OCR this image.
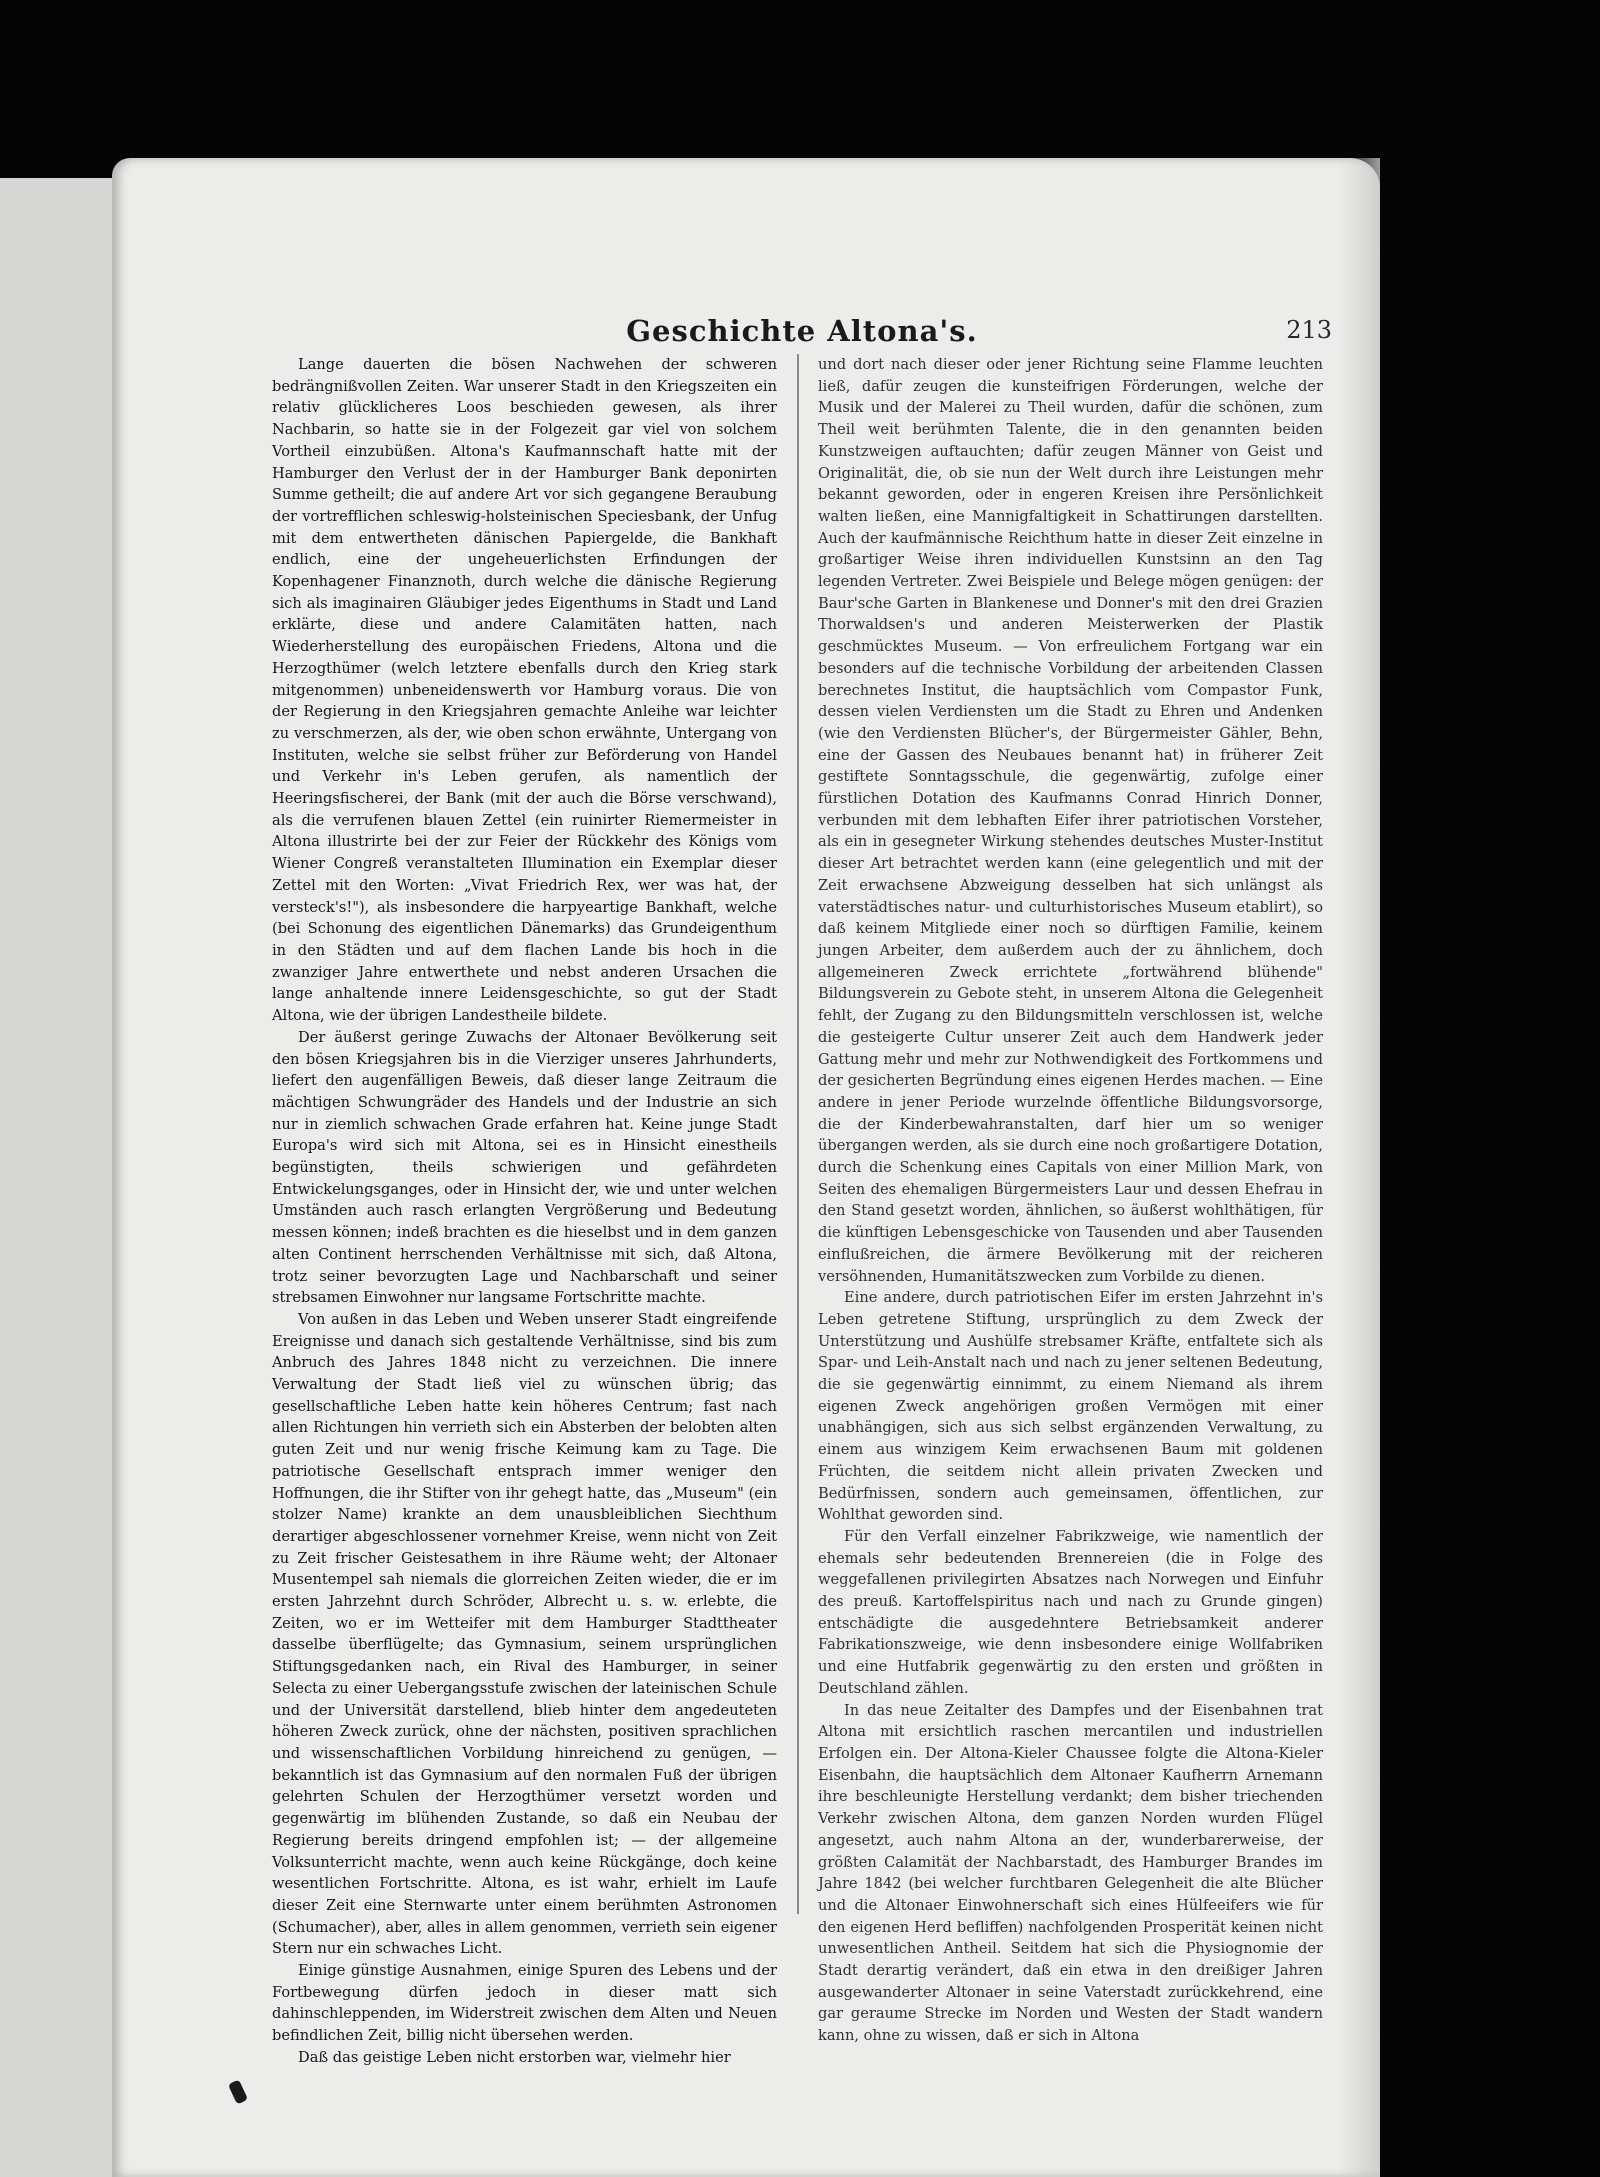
Geschichte Altona's.	213

Lange dauerten die bösen Nachwehen der schweren bedrängnißvollen Zeiten. War unserer Stadt in den Kriegszeiten ein relativ glücklicheres Loos beschieden gewesen, als ihrer Nachbarin, so hatte sie in der Folgezeit gar viel von solchem Vortheil einzubüßen. Altona's Kaufmannschaft hatte mit der Hamburger den Verlust der in der Hamburger Bank deponirten Summe getheilt; die auf andere Art vor sich gegangene Beraubung der vortrefflichen schleswig-holsteinischen Speciesbank, der Unfug mit dem entwertheten dänischen Papiergelde, die Bankhaft endlich, eine der ungeheuerlichsten Erfindungen der Kopenhagener Finanznoth, durch welche die dänische Regierung sich als imaginairen Gläubiger jedes Eigenthums in Stadt und Land erklärte, diese und andere Calamitäten hatten, nach Wiederherstellung des europäischen Friedens, Altona und die Herzogthümer (welch letztere ebenfalls durch den Krieg stark mitgenommen) unbeneidenswerth vor Hamburg voraus. Die von der Regierung in den Kriegsjahren gemachte Anleihe war leichter zu verschmerzen, als der, wie oben schon erwähnte, Untergang von Instituten, welche sie selbst früher zur Beförderung von Handel und Verkehr in's Leben gerufen, als namentlich der Heeringsfischerei, der Bank (mit der auch die Börse verschwand), als die verrufenen blauen Zettel (ein ruinirter Riemermeister in Altona illustrirte bei der zur Feier der Rückkehr des Königs vom Wiener Congreß veranstalteten Illumination ein Exemplar dieser Zettel mit den Worten: „Vivat Friedrich Rex, wer was hat, der versteck's!"), als insbesondere die harpyeartige Bankhaft, welche (bei Schonung des eigentlichen Dänemarks) das Grundeigenthum in den Städten und auf dem flachen Lande bis hoch in die zwanziger Jahre entwerthete und nebst anderen Ursachen die lange anhaltende innere Leidensgeschichte, so gut der Stadt Altona, wie der übrigen Landestheile bildete.

Der äußerst geringe Zuwachs der Altonaer Bevölkerung seit den bösen Kriegsjahren bis in die Vierziger unseres Jahrhunderts, liefert den augenfälligen Beweis, daß dieser lange Zeitraum die mächtigen Schwungräder des Handels und der Industrie an sich nur in ziemlich schwachen Grade erfahren hat. Keine junge Stadt Europa's wird sich mit Altona, sei es in Hinsicht einestheils begünstigten, theils schwierigen und gefährdeten Entwickelungsganges, oder in Hinsicht der, wie und unter welchen Umständen auch rasch erlangten Vergrößerung und Bedeutung messen können; indeß brachten es die hieselbst und in dem ganzen alten Continent herrschenden Verhältnisse mit sich, daß Altona, trotz seiner bevorzugten Lage und Nachbarschaft und seiner strebsamen Einwohner nur langsame Fortschritte machte.

Von außen in das Leben und Weben unserer Stadt eingreifende Ereignisse und danach sich gestaltende Verhältnisse, sind bis zum Anbruch des Jahres 1848 nicht zu verzeichnen. Die innere Verwaltung der Stadt ließ viel zu wünschen übrig; das gesellschaftliche Leben hatte kein höheres Centrum; fast nach allen Richtungen hin verrieth sich ein Absterben der belobten alten guten Zeit und nur wenig frische Keimung kam zu Tage. Die patriotische Gesellschaft entsprach immer weniger den Hoffnungen, die ihr Stifter von ihr gehegt hatte, das „Museum" (ein stolzer Name) krankte an dem unausbleiblichen Siechthum derartiger abgeschlossener vornehmer Kreise, wenn nicht von Zeit zu Zeit frischer Geistesathem in ihre Räume weht; der Altonaer Musentempel sah niemals die glorreichen Zeiten wieder, die er im ersten Jahrzehnt durch Schröder, Albrecht u. s. w. erlebte, die Zeiten, wo er im Wetteifer mit dem Hamburger Stadttheater dasselbe überflügelte; das Gymnasium, seinem ursprünglichen Stiftungsgedanken nach, ein Rival des Hamburger, in seiner Selecta zu einer Uebergangsstufe zwischen der lateinischen Schule und der Universität darstellend, blieb hinter dem angedeuteten höheren Zweck zurück, ohne der nächsten, positiven sprachlichen und wissenschaftlichen Vorbildung hinreichend zu genügen, — bekanntlich ist das Gymnasium auf den normalen Fuß der übrigen gelehrten Schulen der Herzogthümer versetzt worden und gegenwärtig im blühenden Zustande, so daß ein Neubau der Regierung bereits dringend empfohlen ist; — der allgemeine Volksunterricht machte, wenn auch keine Rückgänge, doch keine wesentlichen Fortschritte. Altona, es ist wahr, erhielt im Laufe dieser Zeit eine Sternwarte unter einem berühmten Astronomen (Schumacher), aber, alles in allem genommen, verrieth sein eigener Stern nur ein schwaches Licht.

Einige günstige Ausnahmen, einige Spuren des Lebens und der Fortbewegung dürfen jedoch in dieser matt sich dahinschleppenden, im Widerstreit zwischen dem Alten und Neuen befindlichen Zeit, billig nicht übersehen werden.

Daß das geistige Leben nicht erstorben war, vielmehr hier

und dort nach dieser oder jener Richtung seine Flamme leuchten ließ, dafür zeugen die kunsteifrigen Förderungen, welche der Musik und der Malerei zu Theil wurden, dafür die schönen, zum Theil weit berühmten Talente, die in den genannten beiden Kunstzweigen auftauchten; dafür zeugen Männer von Geist und Originalität, die, ob sie nun der Welt durch ihre Leistungen mehr bekannt geworden, oder in engeren Kreisen ihre Persönlichkeit walten ließen, eine Mannigfaltigkeit in Schattirungen darstellten. Auch der kaufmännische Reichthum hatte in dieser Zeit einzelne in großartiger Weise ihren individuellen Kunstsinn an den Tag legenden Vertreter. Zwei Beispiele und Belege mögen genügen: der Baur'sche Garten in Blankenese und Donner's mit den drei Grazien Thorwaldsen's und anderen Meisterwerken der Plastik geschmücktes Museum. — Von erfreulichem Fortgang war ein besonders auf die technische Vorbildung der arbeitenden Classen berechnetes Institut, die hauptsächlich vom Compastor Funk, dessen vielen Verdiensten um die Stadt zu Ehren und Andenken (wie den Verdiensten Blücher's, der Bürgermeister Gähler, Behn, eine der Gassen des Neubaues benannt hat) in früherer Zeit gestiftete Sonntagsschule, die gegenwärtig, zufolge einer fürstlichen Dotation des Kaufmanns Conrad Hinrich Donner, verbunden mit dem lebhaften Eifer ihrer patriotischen Vorsteher, als ein in gesegneter Wirkung stehendes deutsches Muster-Institut dieser Art betrachtet werden kann (eine gelegentlich und mit der Zeit erwachsene Abzweigung desselben hat sich unlängst als vaterstädtisches natur- und culturhistorisches Museum etablirt), so daß keinem Mitgliede einer noch so dürftigen Familie, keinem jungen Arbeiter, dem außerdem auch der zu ähnlichem, doch allgemeineren Zweck errichtete „fortwährend blühende" Bildungsverein zu Gebote steht, in unserem Altona die Gelegenheit fehlt, der Zugang zu den Bildungsmitteln verschlossen ist, welche die gesteigerte Cultur unserer Zeit auch dem Handwerk jeder Gattung mehr und mehr zur Nothwendigkeit des Fortkommens und der gesicherten Begründung eines eigenen Herdes machen. — Eine andere in jener Periode wurzelnde öffentliche Bildungsvorsorge, die der Kinderbewahranstalten, darf hier um so weniger übergangen werden, als sie durch eine noch großartigere Dotation, durch die Schenkung eines Capitals von einer Million Mark, von Seiten des ehemaligen Bürgermeisters Laur und dessen Ehefrau in den Stand gesetzt worden, ähnlichen, so äußerst wohlthätigen, für die künftigen Lebensgeschicke von Tausenden und aber Tausenden einflußreichen, die ärmere Bevölkerung mit der reicheren versöhnenden, Humanitätszwecken zum Vorbilde zu dienen.

Eine andere, durch patriotischen Eifer im ersten Jahrzehnt in's Leben getretene Stiftung, ursprünglich zu dem Zweck der Unterstützung und Aushülfe strebsamer Kräfte, entfaltete sich als Spar- und Leih-Anstalt nach und nach zu jener seltenen Bedeutung, die sie gegenwärtig einnimmt, zu einem Niemand als ihrem eigenen Zweck angehörigen großen Vermögen mit einer unabhängigen, sich aus sich selbst ergänzenden Verwaltung, zu einem aus winzigem Keim erwachsenen Baum mit goldenen Früchten, die seitdem nicht allein privaten Zwecken und Bedürfnissen, sondern auch gemeinsamen, öffentlichen, zur Wohlthat geworden sind.

Für den Verfall einzelner Fabrikzweige, wie namentlich der ehemals sehr bedeutenden Brennereien (die in Folge des weggefallenen privilegirten Absatzes nach Norwegen und Einfuhr des preuß. Kartoffelspiritus nach und nach zu Grunde gingen) entschädigte die ausgedehntere Betriebsamkeit anderer Fabrikationszweige, wie denn insbesondere einige Wollfabriken und eine Hutfabrik gegenwärtig zu den ersten und größten in Deutschland zählen.

In das neue Zeitalter des Dampfes und der Eisenbahnen trat Altona mit ersichtlich raschen mercantilen und industriellen Erfolgen ein. Der Altona-Kieler Chaussee folgte die Altona-Kieler Eisenbahn, die hauptsächlich dem Altonaer Kaufherrn Arnemann ihre beschleunigte Herstellung verdankt; dem bisher triechenden Verkehr zwischen Altona, dem ganzen Norden wurden Flügel angesetzt, auch nahm Altona an der, wunderbarerweise, der größten Calamität der Nachbarstadt, des Hamburger Brandes im Jahre 1842 (bei welcher furchtbaren Gelegenheit die alte Blücher und die Altonaer Einwohnerschaft sich eines Hülfeeifers wie für den eigenen Herd befliffen) nachfolgenden Prosperität keinen nicht unwesentlichen Antheil. Seitdem hat sich die Physiognomie der Stadt derartig verändert, daß ein etwa in den dreißiger Jahren ausgewanderter Altonaer in seine Vaterstadt zurückkehrend, eine gar geraume Strecke im Norden und Westen der Stadt wandern kann, ohne zu wissen, daß er sich in Altona
